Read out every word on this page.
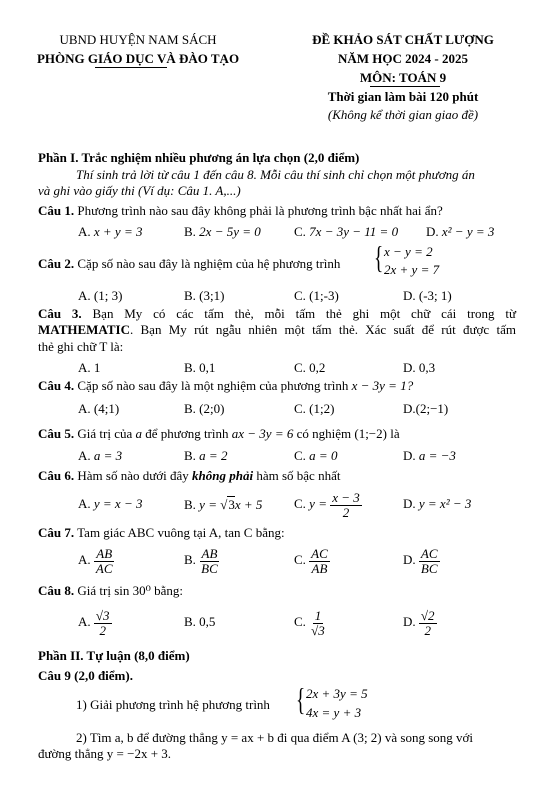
UBND HUYỆN NAM SÁCH
PHÒNG GIÁO DỤC VÀ ĐÀO TẠO
ĐỀ KHẢO SÁT CHẤT LƯỢNG
NĂM HỌC 2024 - 2025
MÔN: TOÁN 9
Thời gian làm bài 120 phút
(Không kể thời gian giao đề)
Phần I. Trắc nghiệm nhiều phương án lựa chọn (2,0 điểm)
Thí sinh trả lời từ câu 1 đến câu 8. Mỗi câu thí sinh chỉ chọn một phương án
và ghi vào giấy thi (Ví dụ: Câu 1. A,...)
Câu 1. Phương trình nào sau đây không phải là phương trình bậc nhất hai ẩn?
A. x + y = 3	B. 2x − 5y = 0	C. 7x − 3y − 11 = 0 D. x² − y = 3
Câu 2. Cặp số nào sau đây là nghiệm của hệ phương trình { x − y = 2
2x + y = 7
A. (1; 3)	B. (3;1)	C. (1;-3)	D. (-3; 1)
Câu 3. Bạn My có các tấm thẻ, mỗi tấm thẻ ghi một chữ cái trong từ
MATHEMATIC. Bạn My rút ngẫu nhiên một tấm thẻ. Xác suất để rút được tấm
thẻ ghi chữ T là:
A. 1	B. 0,1	C. 0,2	D. 0,3
Câu 4. Cặp số nào sau đây là một nghiệm của phương trình x − 3y = 1?
A. (4;1)	B. (2;0)	C. (1;2)	D.(2;−1)
Câu 5. Giá trị của a để phương trình ax − 3y = 6 có nghiệm (1;−2) là
A. a = 3	B. a = 2	C. a = 0	D. a = −3
Câu 6. Hàm số nào dưới đây không phải hàm số bậc nhất
A. y = x − 3	B. y = √3x + 5 C. $y = \frac{x - 3}{2}$	D. y = x² − 3
Câu 7. Tam giác ABC vuông tại A, tan C bằng:
A. $\frac{AB}{AC}$	B. $\frac{AB}{BC}$	C. $\frac{AC}{AB}$	D. $\frac{AC}{BC}$
Câu 8. Giá trị sin 30⁰ bằng:
A. $\frac{√3}{2}$	B. 0,5	C. $\frac{1}{√3}$	D. $\frac{√2}{2}$
Phần II. Tự luận (8,0 điểm)
Câu 9 (2,0 điểm).
1) Giải phương trình hệ phương trình { 2x + 3y = 5
4x = y + 3
2) Tìm a, b để đường thẳng y = ax + b đi qua điểm A (3; 2) và song song với
đường thẳng y = −2x + 3.
